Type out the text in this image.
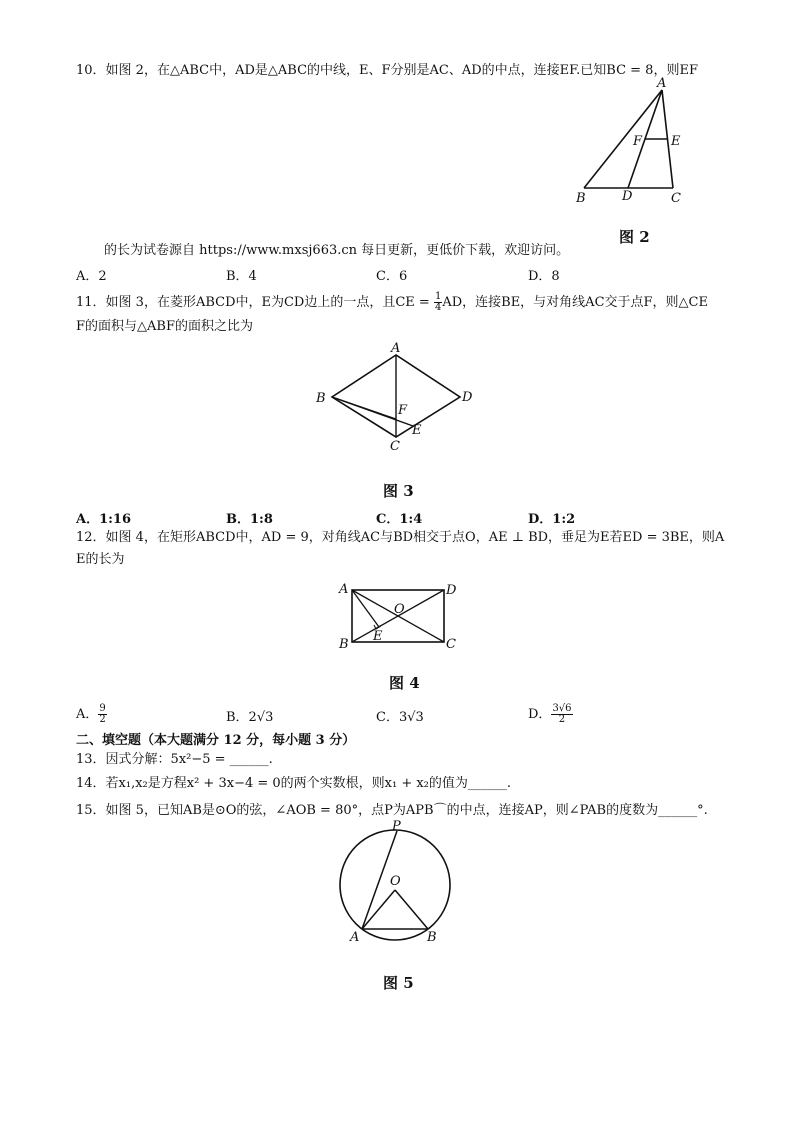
10．如图 2，在△ABC中，AD是△ABC的中线，E、F分别是AC、AD的中点，连接EF.已知BC = 8，则EF
A
B	C
D
E
F
图 2
的长为试卷源自 https://www.mxsj663.cn 每日更新，更低价下载，欢迎访问。
A．2	B．4	C．6	D．8
11．如图 3，在菱形ABCD中，E为CD边上的一点，且CE = $\frac{1}{4}$ AD，连接BE，与对角线AC交于点F，则△CE
F的面积与△ABF的面积之比为
A
B
C
D
E
F
图 3
A．1:16	B．1:8	C．1:4	D．1:2
12．如图 4，在矩形ABCD中，AD = 9，对角线AC与BD相交于点O，AE ⊥ BD，垂足为E若ED = 3BE，则A
E的长为
A
B	C
D
E
O
图 4
A． $\frac{9}{2}$	B．2√3	C．3√3	D． $\frac{3√6}{2}$
二、填空题（本大题满分 12 分，每小题 3 分）
13．因式分解：5x²−5 = ______.
14．若x₁,x₂是方程x² + 3x−4 = 0的两个实数根，则x₁ + x₂的值为______.
15．如图 5，已知AB是⊙O的弦，∠AOB = 80°，点P为APB⌒的中点，连接AP，则∠PAB的度数为______°.
P
O
A	B
图 5
